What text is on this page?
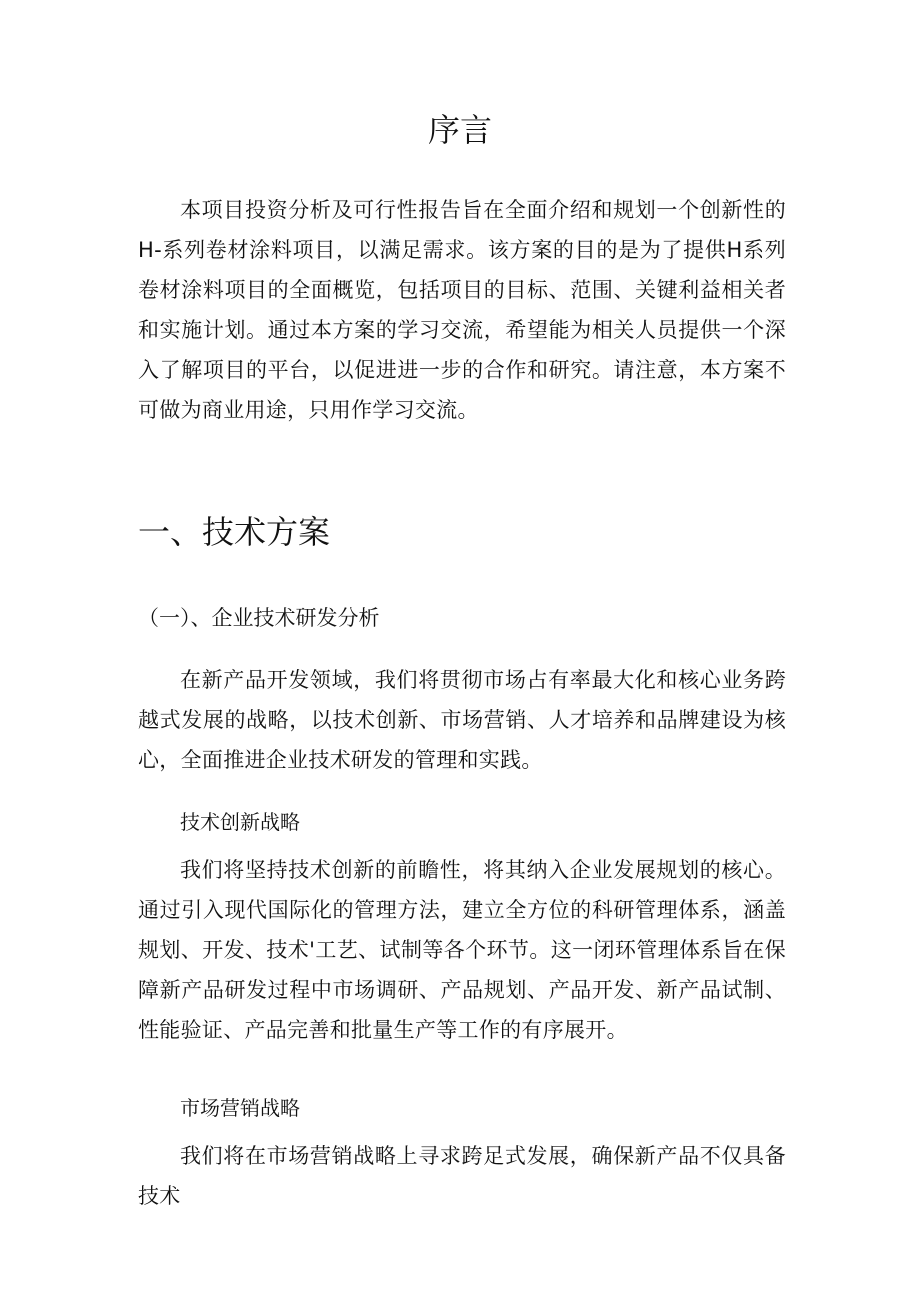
序言

本项目投资分析及可行性报告旨在全面介绍和规划一个创新性的H-系列卷材涂料项目，以满足需求。该方案的目的是为了提供H系列卷材涂料项目的全面概览，包括项目的目标、范围、关键利益相关者和实施计划。通过本方案的学习交流，希望能为相关人员提供一个深入了解项目的平台，以促进进一步的合作和研究。请注意，本方案不可做为商业用途，只用作学习交流。

一、技术方案
（一）、企业技术研发分析

在新产品开发领域，我们将贯彻市场占有率最大化和核心业务跨越式发展的战略，以技术创新、市场营销、人才培养和品牌建设为核心，全面推进企业技术研发的管理和实践。

技术创新战略

我们将坚持技术创新的前瞻性，将其纳入企业发展规划的核心。通过引入现代国际化的管理方法，建立全方位的科研管理体系，涵盖规划、开发、技术'工艺、试制等各个环节。这一闭环管理体系旨在保障新产品研发过程中市场调研、产品规划、产品开发、新产品试制、性能验证、产品完善和批量生产等工作的有序展开。

市场营销战略

我们将在市场营销战略上寻求跨足式发展，确保新产品不仅具备技术
